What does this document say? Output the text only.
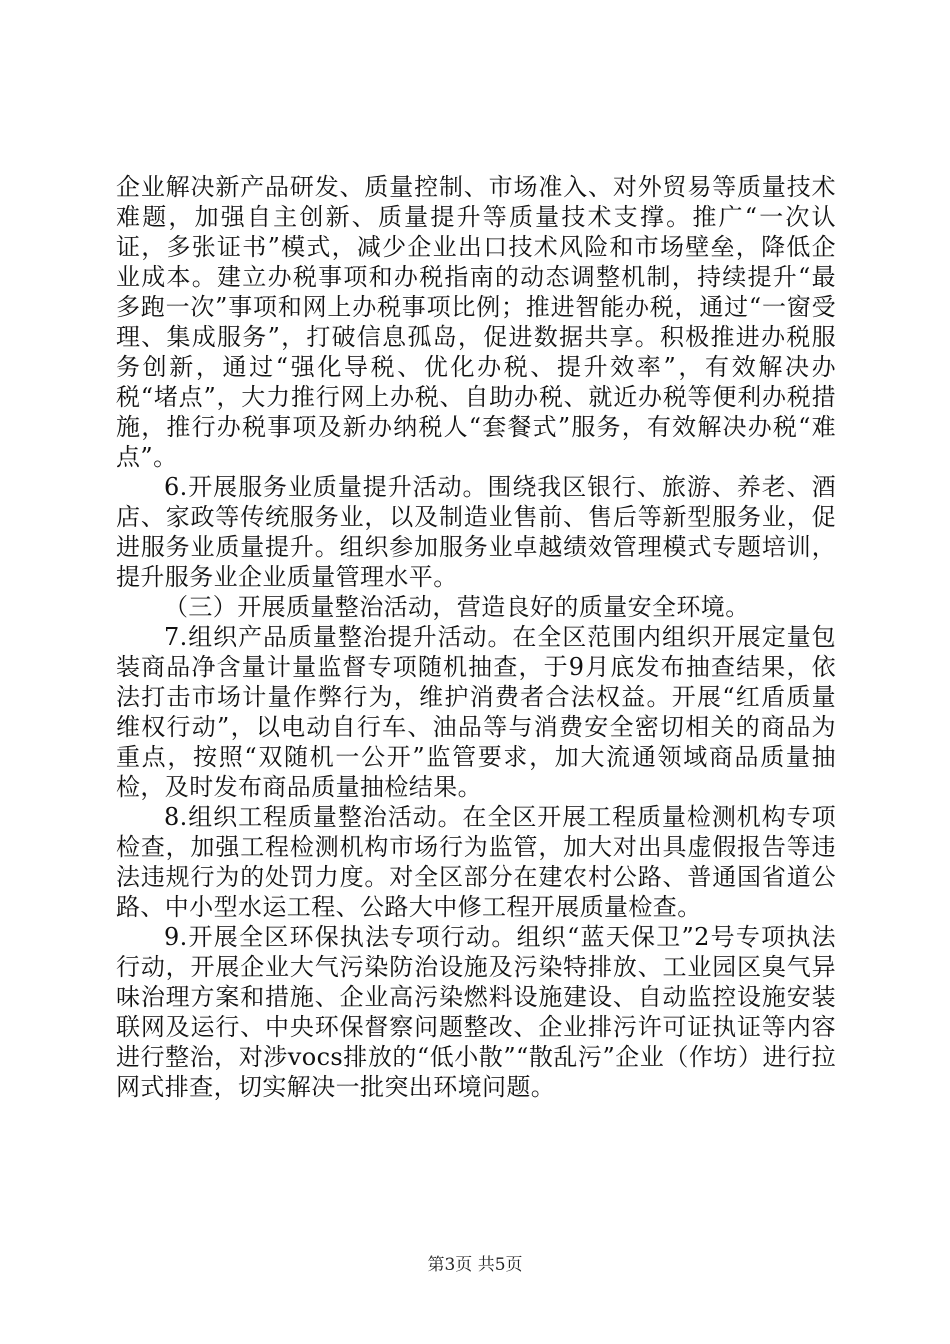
企业解决新产品研发、质量控制、市场准入、对外贸易等质量技术难题，加强自主创新、质量提升等质量技术支撑。推广“一次认证，多张证书”模式，减少企业出口技术风险和市场壁垒，降低企业成本。建立办税事项和办税指南的动态调整机制，持续提升“最多跑一次”事项和网上办税事项比例；推进智能办税，通过“一窗受理、集成服务”，打破信息孤岛，促进数据共享。积极推进办税服务创新，通过“强化导税、优化办税、提升效率”，有效解决办税“堵点”，大力推行网上办税、自助办税、就近办税等便利办税措施，推行办税事项及新办纳税人“套餐式”服务，有效解决办税“难点”。

6.开展服务业质量提升活动。围绕我区银行、旅游、养老、酒店、家政等传统服务业，以及制造业售前、售后等新型服务业，促进服务业质量提升。组织参加服务业卓越绩效管理模式专题培训，提升服务业企业质量管理水平。

（三）开展质量整治活动，营造良好的质量安全环境。

7.组织产品质量整治提升活动。在全区范围内组织开展定量包装商品净含量计量监督专项随机抽查，于9月底发布抽查结果，依法打击市场计量作弊行为，维护消费者合法权益。开展“红盾质量维权行动”，以电动自行车、油品等与消费安全密切相关的商品为重点，按照“双随机一公开”监管要求，加大流通领域商品质量抽检，及时发布商品质量抽检结果。

8.组织工程质量整治活动。在全区开展工程质量检测机构专项检查，加强工程检测机构市场行为监管，加大对出具虚假报告等违法违规行为的处罚力度。对全区部分在建农村公路、普通国省道公路、中小型水运工程、公路大中修工程开展质量检查。

9.开展全区环保执法专项行动。组织“蓝天保卫”2号专项执法行动，开展企业大气污染防治设施及污染特排放、工业园区臭气异味治理方案和措施、企业高污染燃料设施建设、自动监控设施安装联网及运行、中央环保督察问题整改、企业排污许可证执证等内容进行整治，对涉vocs排放的“低小散”“散乱污”企业（作坊）进行拉网式排查，切实解决一批突出环境问题。

第3页 共5页
